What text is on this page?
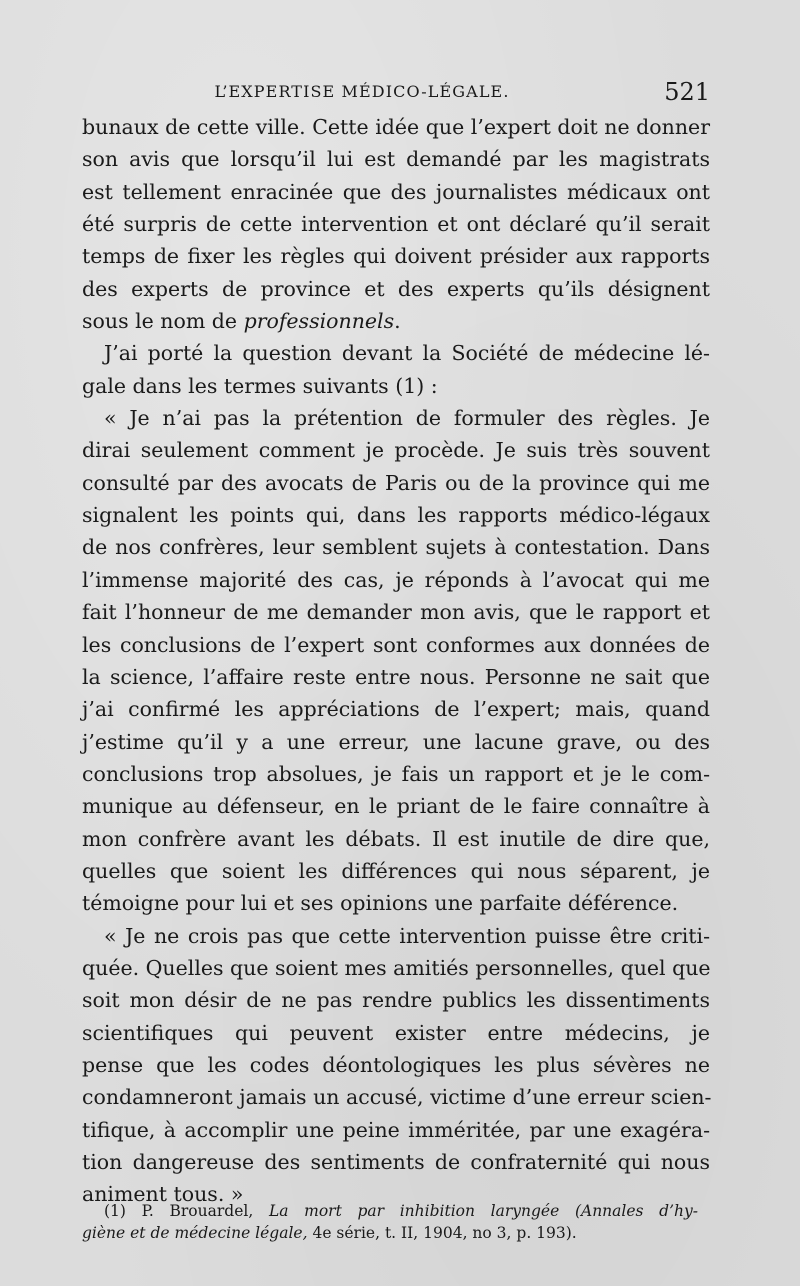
L’EXPERTISE MÉDICO-LÉGALE.	521
bunaux de cette ville. Cette idée que l’expert doit ne donner
son avis que lorsqu’il lui est demandé par les magistrats
est tellement enracinée que des journalistes médicaux ont
été surpris de cette intervention et ont déclaré qu’il serait
temps de fixer les règles qui doivent présider aux rapports
des experts de province et des experts qu’ils désignent
sous le nom de professionnels.
J’ai porté la question devant la Société de médecine lé-
gale dans les termes suivants (1) :
« Je n’ai pas la prétention de formuler des règles. Je
dirai seulement comment je procède. Je suis très souvent
consulté par des avocats de Paris ou de la province qui me
signalent les points qui, dans les rapports médico-légaux
de nos confrères, leur semblent sujets à contestation. Dans
l’immense majorité des cas, je réponds à l’avocat qui me
fait l’honneur de me demander mon avis, que le rapport et
les conclusions de l’expert sont conformes aux données de
la science, l’affaire reste entre nous. Personne ne sait que
j’ai confirmé les appréciations de l’expert; mais, quand
j’estime qu’il y a une erreur, une lacune grave, ou des
conclusions trop absolues, je fais un rapport et je le com-
munique au défenseur, en le priant de le faire connaître à
mon confrère avant les débats. Il est inutile de dire que,
quelles que soient les différences qui nous séparent, je
témoigne pour lui et ses opinions une parfaite déférence.
« Je ne crois pas que cette intervention puisse être criti-
quée. Quelles que soient mes amitiés personnelles, quel que
soit mon désir de ne pas rendre publics les dissentiments
scientifiques qui peuvent exister entre médecins, je
pense que les codes déontologiques les plus sévères ne
condamneront jamais un accusé, victime d’une erreur scien-
tifique, à accomplir une peine imméritée, par une exagéra-
tion dangereuse des sentiments de confraternité qui nous
animent tous. »
(1) P. Brouardel, La mort par inhibition laryngée (Annales d’hy-
giène et de médecine légale, 4e série, t. II, 1904, no 3, p. 193).
